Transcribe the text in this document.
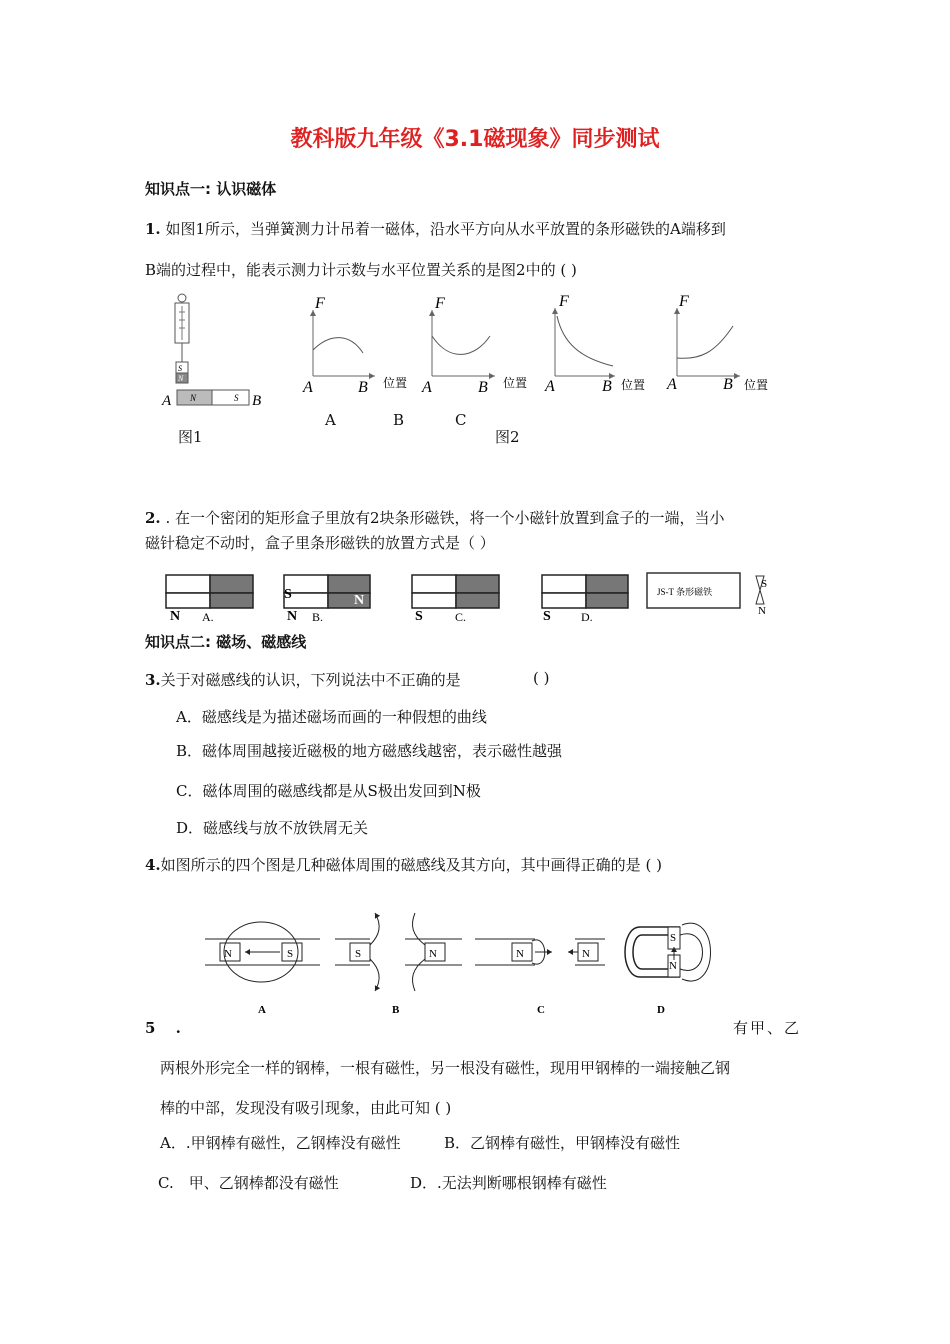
教科版九年级《3.1磁现象》同步测试
知识点一: 认识磁体
1. 如图1所示，当弹簧测力计吊着一磁体，沿水平方向从水平放置的条形磁铁的A端移到
B端的过程中，能表示测力计示数与水平位置关系的是图2中的 ( )
S
N
A N	S B
图1
F
A	B 位置
F
A	B 位置
F
A	B 位置
F
A	B 位置
A	B	C
图2
2. . 在一个密闭的矩形盒子里放有2块条形磁铁，将一个小磁针放置到盒子的一端，当小
磁针稳定不动时，盒子里条形磁铁的放置方式是（ ）
N A.
S
N
N
B.	S	C.	S	D.
JS-T 条形磁铁
S
N
知识点二: 磁场、磁感线
3.关于对磁感线的认识，下列说法中不正确的是	( )
A．磁感线是为描述磁场而画的一种假想的曲线
B．磁体周围越接近磁极的地方磁感线越密，表示磁性越强
C．磁体周围的磁感线都是从S极出发回到N极
D．磁感线与放不放铁屑无关
4.如图所示的四个图是几种磁体周围的磁感线及其方向，其中画得正确的是 ( )
N	S
A
S	N
B
N	N
C
S
N
D
5 　.	有甲、乙
两根外形完全一样的钢棒，一根有磁性，另一根没有磁性，现用甲钢棒的一端接触乙钢
棒的中部，发现没有吸引现象，由此可知 ( )
A．.甲钢棒有磁性，乙钢棒没有磁性	B．乙钢棒有磁性，甲钢棒没有磁性
C.　甲、乙钢棒都没有磁性	D．.无法判断哪根钢棒有磁性
